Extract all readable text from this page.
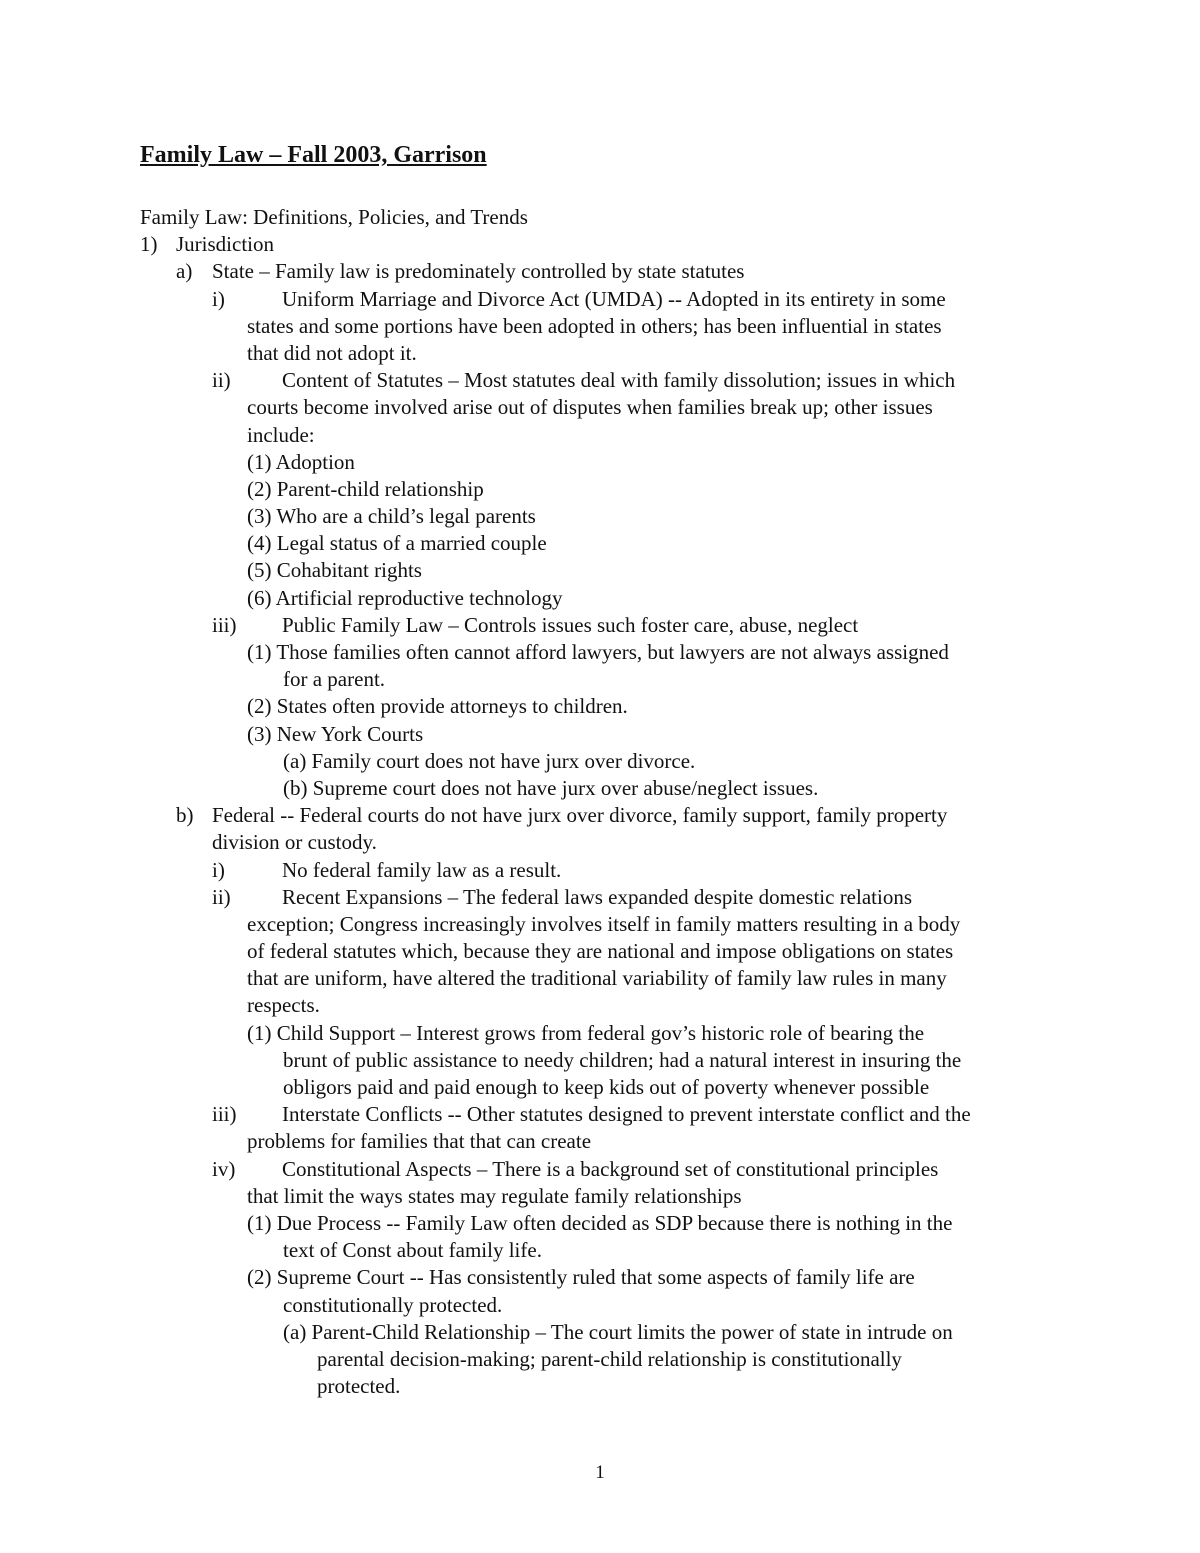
Family Law – Fall 2003, Garrison
Family Law: Definitions, Policies, and Trends
1) Jurisdiction
a) State – Family law is predominately controlled by state statutes
i)	Uniform Marriage and Divorce Act (UMDA) -- Adopted in its entirety in some
states and some portions have been adopted in others; has been influential in states
that did not adopt it.
ii) Content of Statutes – Most statutes deal with family dissolution; issues in which
courts become involved arise out of disputes when families break up; other issues
include:
(1) Adoption
(2) Parent-child relationship
(3) Who are a child’s legal parents
(4) Legal status of a married couple
(5) Cohabitant rights
(6) Artificial reproductive technology
iii) Public Family Law – Controls issues such foster care, abuse, neglect
(1) Those families often cannot afford lawyers, but lawyers are not always assigned
for a parent.
(2) States often provide attorneys to children.
(3) New York Courts
(a) Family court does not have jurx over divorce.
(b) Supreme court does not have jurx over abuse/neglect issues.
b) Federal -- Federal courts do not have jurx over divorce, family support, family property
division or custody.
i)	No federal family law as a result.
ii) Recent Expansions – The federal laws expanded despite domestic relations
exception; Congress increasingly involves itself in family matters resulting in a body
of federal statutes which, because they are national and impose obligations on states
that are uniform, have altered the traditional variability of family law rules in many
respects.
(1) Child Support – Interest grows from federal gov’s historic role of bearing the
brunt of public assistance to needy children; had a natural interest in insuring the
obligors paid and paid enough to keep kids out of poverty whenever possible
iii) Interstate Conflicts -- Other statutes designed to prevent interstate conflict and the
problems for families that that can create
iv) Constitutional Aspects – There is a background set of constitutional principles
that limit the ways states may regulate family relationships
(1) Due Process -- Family Law often decided as SDP because there is nothing in the
text of Const about family life.
(2) Supreme Court -- Has consistently ruled that some aspects of family life are
constitutionally protected.
(a) Parent-Child Relationship – The court limits the power of state in intrude on
parental decision-making; parent-child relationship is constitutionally
protected.
1
